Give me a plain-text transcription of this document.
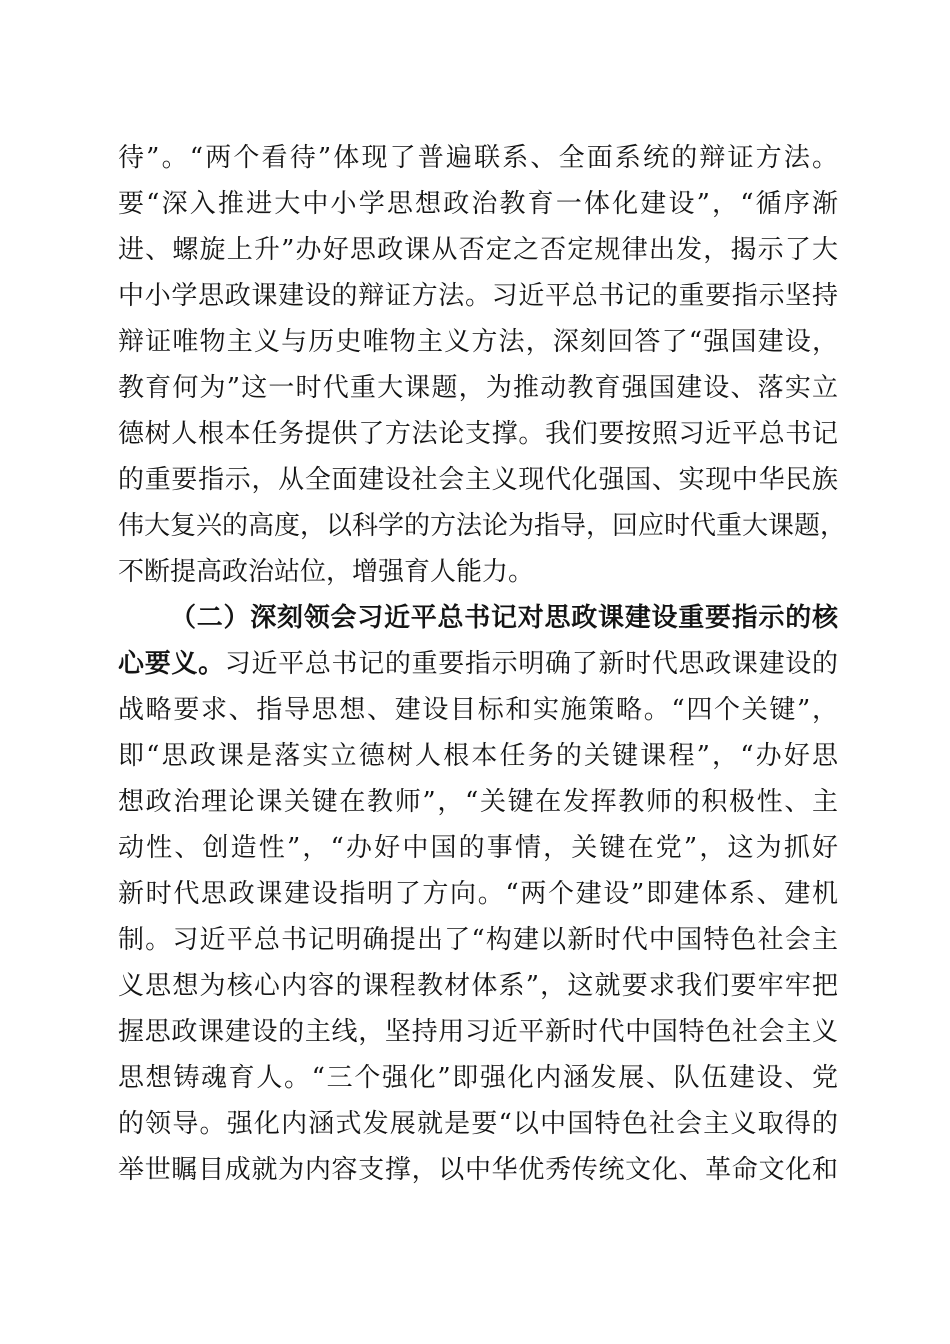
待”。“两个看待”体现了普遍联系、全面系统的辩证方法。
要“深入推进大中小学思想政治教育一体化建设”，“循序渐
进、螺旋上升”办好思政课从否定之否定规律出发，揭示了大
中小学思政课建设的辩证方法。习近平总书记的重要指示坚持
辩证唯物主义与历史唯物主义方法，深刻回答了“强国建设，
教育何为”这一时代重大课题，为推动教育强国建设、落实立
德树人根本任务提供了方法论支撑。我们要按照习近平总书记
的重要指示，从全面建设社会主义现代化强国、实现中华民族
伟大复兴的高度，以科学的方法论为指导，回应时代重大课题，
不断提高政治站位，增强育人能力。
（二）深刻领会习近平总书记对思政课建设重要指示的核
心要义。习近平总书记的重要指示明确了新时代思政课建设的
战略要求、指导思想、建设目标和实施策略。“四个关键”，
即“思政课是落实立德树人根本任务的关键课程”，“办好思
想政治理论课关键在教师”，“关键在发挥教师的积极性、主
动性、创造性”，“办好中国的事情，关键在党”，这为抓好
新时代思政课建设指明了方向。“两个建设”即建体系、建机
制。习近平总书记明确提出了“构建以新时代中国特色社会主
义思想为核心内容的课程教材体系”，这就要求我们要牢牢把
握思政课建设的主线，坚持用习近平新时代中国特色社会主义
思想铸魂育人。“三个强化”即强化内涵发展、队伍建设、党
的领导。强化内涵式发展就是要“以中国特色社会主义取得的
举世瞩目成就为内容支撑，以中华优秀传统文化、革命文化和
